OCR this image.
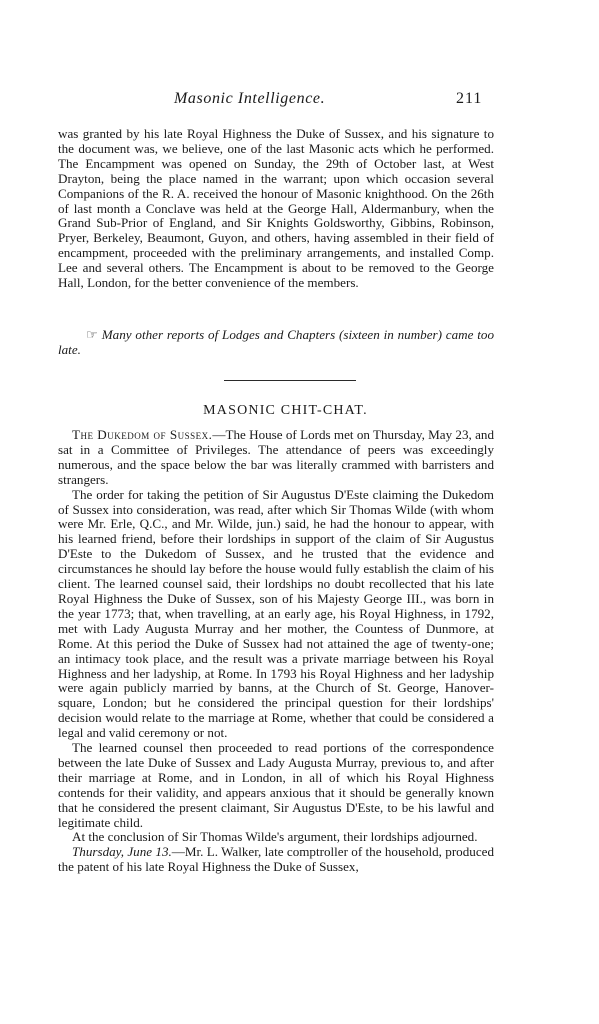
Masonic Intelligence.	211

was granted by his late Royal Highness the Duke of Sussex, and his signature to the document was, we believe, one of the last Masonic acts which he performed. The Encampment was opened on Sunday, the 29th of October last, at West Drayton, being the place named in the warrant; upon which occasion several Companions of the R. A. received the honour of Masonic knighthood. On the 26th of last month a Conclave was held at the George Hall, Aldermanbury, when the Grand Sub-Prior of England, and Sir Knights Goldsworthy, Gibbins, Robinson, Pryer, Berkeley, Beaumont, Guyon, and others, having assembled in their field of encampment, proceeded with the preliminary arrangements, and installed Comp. Lee and several others. The Encampment is about to be removed to the George Hall, London, for the better convenience of the members.

☞ Many other reports of Lodges and Chapters (sixteen in number) came too late.
MASONIC CHIT-CHAT.

The Dukedom of Sussex.—The House of Lords met on Thursday, May 23, and sat in a Committee of Privileges. The attendance of peers was exceedingly numerous, and the space below the bar was literally crammed with barristers and strangers.

The order for taking the petition of Sir Augustus D'Este claiming the Dukedom of Sussex into consideration, was read, after which Sir Thomas Wilde (with whom were Mr. Erle, Q.C., and Mr. Wilde, jun.) said, he had the honour to appear, with his learned friend, before their lordships in support of the claim of Sir Augustus D'Este to the Dukedom of Sussex, and he trusted that the evidence and circumstances he should lay before the house would fully establish the claim of his client. The learned counsel said, their lordships no doubt recollected that his late Royal Highness the Duke of Sussex, son of his Majesty George III., was born in the year 1773; that, when travelling, at an early age, his Royal Highness, in 1792, met with Lady Augusta Murray and her mother, the Countess of Dunmore, at Rome. At this period the Duke of Sussex had not attained the age of twenty-one; an intimacy took place, and the result was a private marriage between his Royal Highness and her ladyship, at Rome. In 1793 his Royal Highness and her ladyship were again publicly married by banns, at the Church of St. George, Hanover-square, London; but he considered the principal question for their lordships' decision would relate to the marriage at Rome, whether that could be considered a legal and valid ceremony or not.

The learned counsel then proceeded to read portions of the correspondence between the late Duke of Sussex and Lady Augusta Murray, previous to, and after their marriage at Rome, and in London, in all of which his Royal Highness contends for their validity, and appears anxious that it should be generally known that he considered the present claimant, Sir Augustus D'Este, to be his lawful and legitimate child.

At the conclusion of Sir Thomas Wilde's argument, their lordships adjourned.

Thursday, June 13.—Mr. L. Walker, late comptroller of the household, produced the patent of his late Royal Highness the Duke of Sussex,
